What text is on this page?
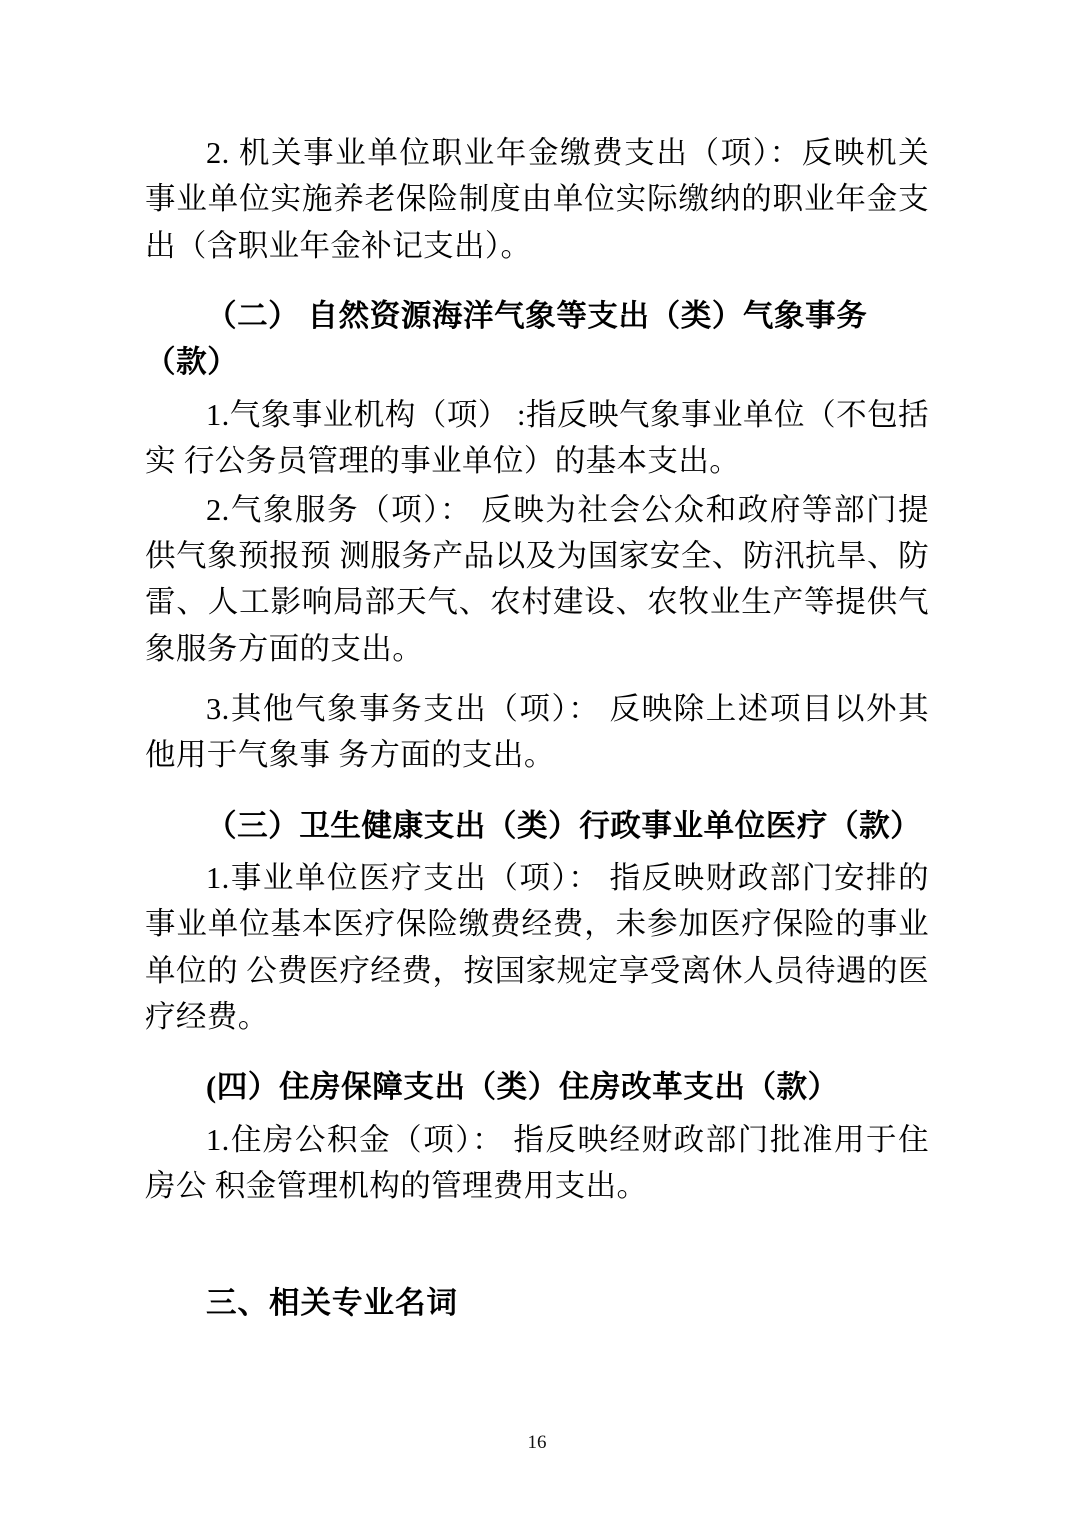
2. 机关事业单位职业年金缴费支出（项）：反映机关事业单位实施养老保险制度由单位实际缴纳的职业年金支出（含职业年金补记支出）。

（二） 自然资源海洋气象等支出（类）气象事务（款）

1.气象事业机构（项） :指反映气象事业单位（不包括实 行公务员管理的事业单位）的基本支出。

2.气象服务（项）： 反映为社会公众和政府等部门提供气象预报预 测服务产品以及为国家安全、防汛抗旱、防雷、人工影响局部天气、农村建设、农牧业生产等提供气象服务方面的支出。

3.其他气象事务支出（项）： 反映除上述项目以外其他用于气象事 务方面的支出。

（三）卫生健康支出（类）行政事业单位医疗（款）

1.事业单位医疗支出（项）： 指反映财政部门安排的事业单位基本医疗保险缴费经费，未参加医疗保险的事业单位的 公费医疗经费，按国家规定享受离休人员待遇的医疗经费。

(四）住房保障支出（类）住房改革支出（款）

1.住房公积金（项）： 指反映经财政部门批准用于住房公 积金管理机构的管理费用支出。

三、相关专业名词

16
